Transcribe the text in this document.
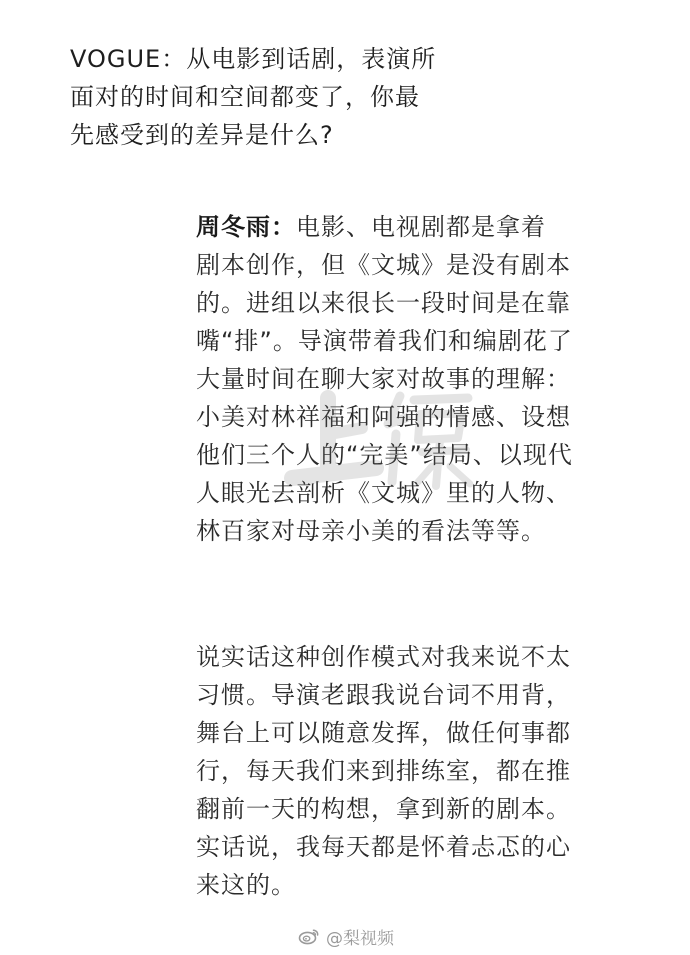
VOGUE：从电影到话剧，表演所
面对的时间和空间都变了，你最
先感受到的差异是什么?
周冬雨：电影、电视剧都是拿着
剧本创作，但《文城》是没有剧本
的。进组以来很长一段时间是在靠
嘴“排”。导演带着我们和编剧花了
大量时间在聊大家对故事的理解：
小美对林祥福和阿强的情感、设想
他们三个人的“完美”结局、以现代
人眼光去剖析《文城》里的人物、
林百家对母亲小美的看法等等。
说实话这种创作模式对我来说不太
习惯。导演老跟我说台词不用背，
舞台上可以随意发挥，做任何事都
行，每天我们来到排练室，都在推
翻前一天的构想，拿到新的剧本。
实话说，我每天都是怀着忐忑的心
来这的。
@梨视频
